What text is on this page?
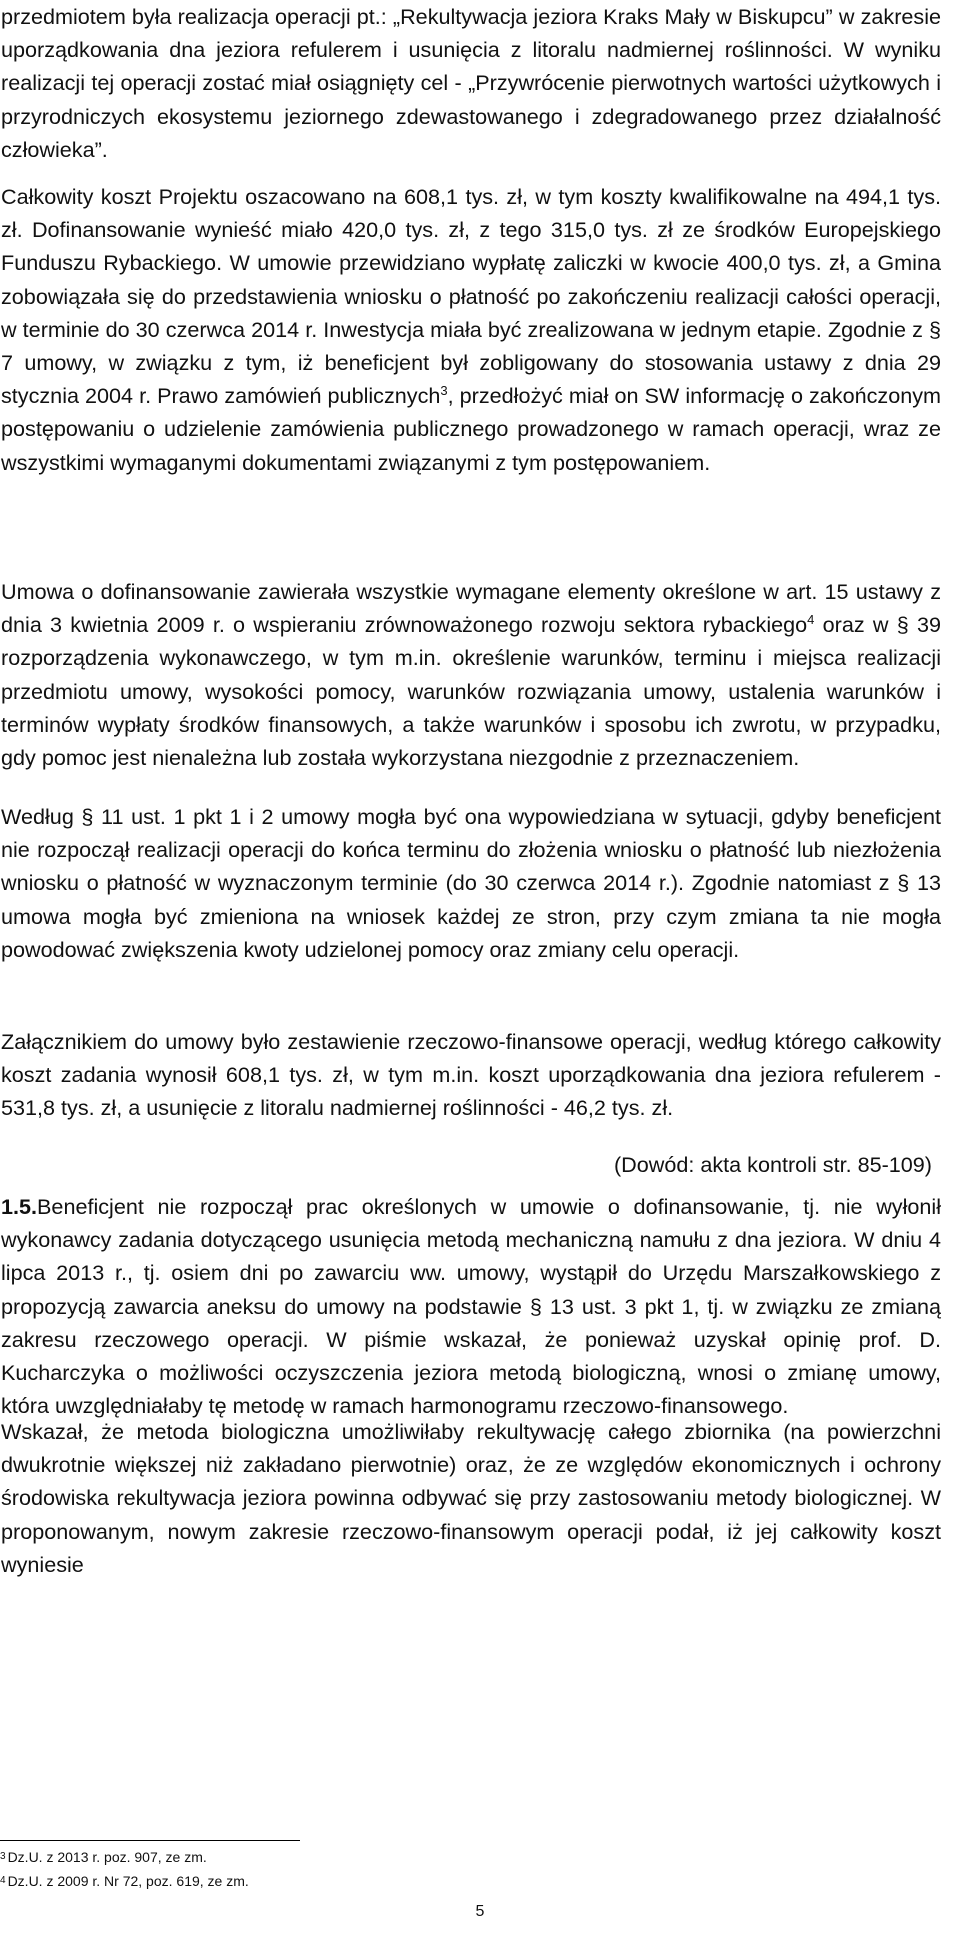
przedmiotem była realizacja operacji pt.: „Rekultywacja jeziora Kraks Mały w Biskupcu” w zakresie uporządkowania dna jeziora refulerem i usunięcia z litoralu nadmiernej roślinności. W wyniku realizacji tej operacji zostać miał osiągnięty cel - „Przywrócenie pierwotnych wartości użytkowych i przyrodniczych ekosystemu jeziornego zdewastowanego i zdegradowanego przez działalność człowieka”.

Całkowity koszt Projektu oszacowano na 608,1 tys. zł, w tym koszty kwalifikowalne na 494,1 tys. zł. Dofinansowanie wynieść miało 420,0 tys. zł, z tego 315,0 tys. zł ze środków Europejskiego Funduszu Rybackiego. W umowie przewidziano wypłatę zaliczki w kwocie 400,0 tys. zł, a Gmina zobowiązała się do przedstawienia wniosku o płatność po zakończeniu realizacji całości operacji, w terminie do 30 czerwca 2014 r. Inwestycja miała być zrealizowana w jednym etapie. Zgodnie z § 7 umowy, w związku z tym, iż beneficjent był zobligowany do stosowania ustawy z dnia 29 stycznia 2004 r. Prawo zamówień publicznych$^3$, przedłożyć miał on SW informację o zakończonym postępowaniu o udzielenie zamówienia publicznego prowadzonego w ramach operacji, wraz ze wszystkimi wymaganymi dokumentami związanymi z tym postępowaniem.

Umowa o dofinansowanie zawierała wszystkie wymagane elementy określone w art. 15 ustawy z dnia 3 kwietnia 2009 r. o wspieraniu zrównoważonego rozwoju sektora rybackiego$^4$ oraz w § 39 rozporządzenia wykonawczego, w tym m.in. określenie warunków, terminu i miejsca realizacji przedmiotu umowy, wysokości pomocy, warunków rozwiązania umowy, ustalenia warunków i terminów wypłaty środków finansowych, a także warunków i sposobu ich zwrotu, w przypadku, gdy pomoc jest nienależna lub została wykorzystana niezgodnie z przeznaczeniem.

Według § 11 ust. 1 pkt 1 i 2 umowy mogła być ona wypowiedziana w sytuacji, gdyby beneficjent nie rozpoczął realizacji operacji do końca terminu do złożenia wniosku o płatność lub niezłożenia wniosku o płatność w wyznaczonym terminie (do 30 czerwca 2014 r.). Zgodnie natomiast z § 13 umowa mogła być zmieniona na wniosek każdej ze stron, przy czym zmiana ta nie mogła powodować zwiększenia kwoty udzielonej pomocy oraz zmiany celu operacji.

Załącznikiem do umowy było zestawienie rzeczowo-finansowe operacji, według którego całkowity koszt zadania wynosił 608,1 tys. zł, w tym m.in. koszt uporządkowania dna jeziora refulerem - 531,8 tys. zł, a usunięcie z litoralu nadmiernej roślinności - 46,2 tys. zł.

(Dowód: akta kontroli str. 85-109)

1.5.Beneficjent nie rozpoczął prac określonych w umowie o dofinansowanie, tj. nie wyłonił wykonawcy zadania dotyczącego usunięcia metodą mechaniczną namułu z dna jeziora. W dniu 4 lipca 2013 r., tj. osiem dni po zawarciu ww. umowy, wystąpił do Urzędu Marszałkowskiego z propozycją zawarcia aneksu do umowy na podstawie § 13 ust. 3 pkt 1, tj. w związku ze zmianą zakresu rzeczowego operacji. W piśmie wskazał, że ponieważ uzyskał opinię prof. D. Kucharczyka o możliwości oczyszczenia jeziora metodą biologiczną, wnosi o zmianę umowy, która uwzględniałaby tę metodę w ramach harmonogramu rzeczowo-finansowego.

Wskazał, że metoda biologiczna umożliwiłaby rekultywację całego zbiornika (na powierzchni dwukrotnie większej niż zakładano pierwotnie) oraz, że ze względów ekonomicznych i ochrony środowiska rekultywacja jeziora powinna odbywać się przy zastosowaniu metody biologicznej. W proponowanym, nowym zakresie rzeczowo-finansowym operacji podał, iż jej całkowity koszt wyniesie

$^3$ Dz.U. z 2013 r. poz. 907, ze zm.
$^4$ Dz.U. z 2009 r. Nr 72, poz. 619, ze zm.
5
